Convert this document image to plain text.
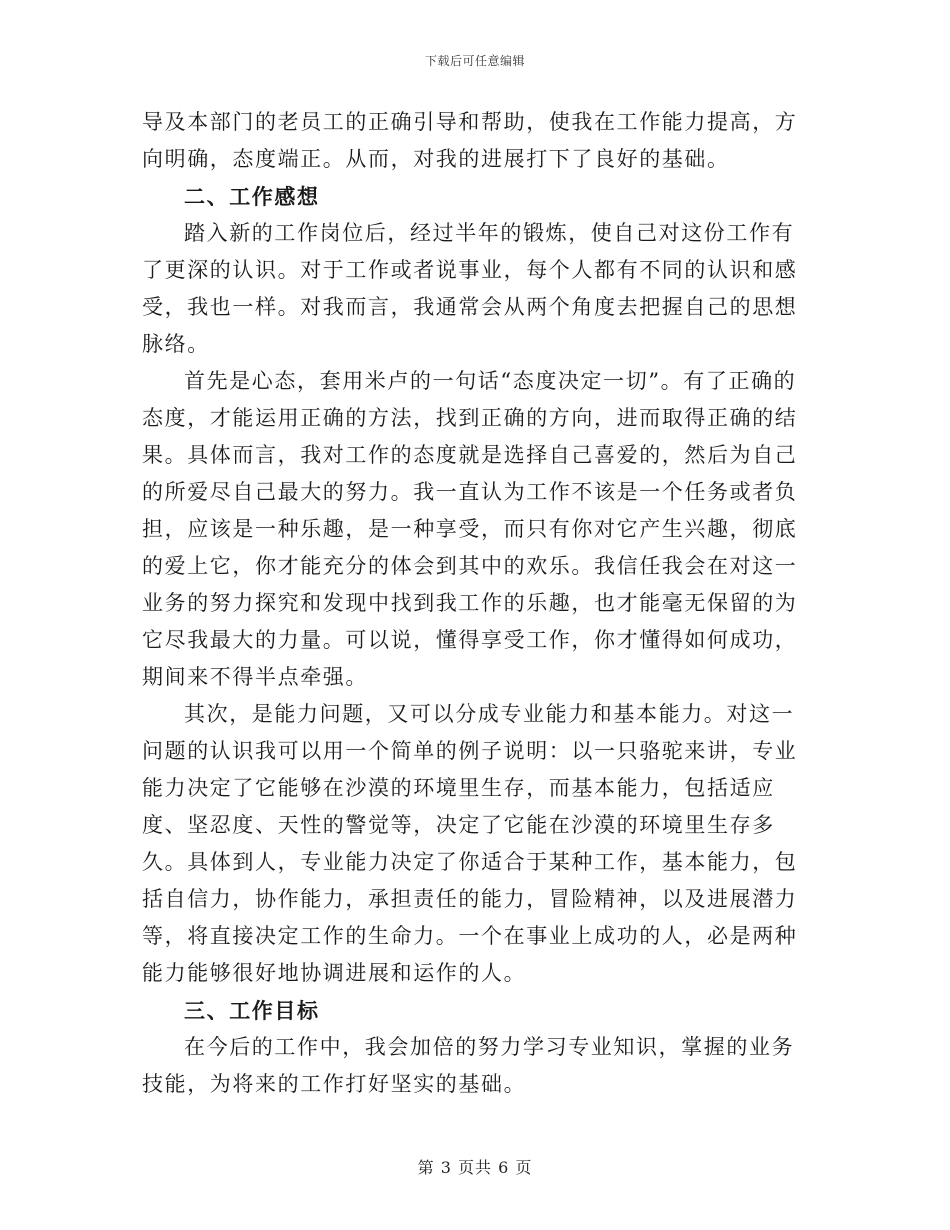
下载后可任意编辑

导及本部门的老员工的正确引导和帮助，使我在工作能力提高，方向明确，态度端正。从而，对我的进展打下了良好的基础。

二、工作感想

踏入新的工作岗位后，经过半年的锻炼，使自己对这份工作有了更深的认识。对于工作或者说事业，每个人都有不同的认识和感受，我也一样。对我而言，我通常会从两个角度去把握自己的思想脉络。

首先是心态，套用米卢的一句话“态度决定一切”。有了正确的态度，才能运用正确的方法，找到正确的方向，进而取得正确的结果。具体而言，我对工作的态度就是选择自己喜爱的，然后为自己的所爱尽自己最大的努力。我一直认为工作不该是一个任务或者负担，应该是一种乐趣，是一种享受，而只有你对它产生兴趣，彻底的爱上它，你才能充分的体会到其中的欢乐。我信任我会在对这一业务的努力探究和发现中找到我工作的乐趣，也才能毫无保留的为它尽我最大的力量。可以说，懂得享受工作，你才懂得如何成功，期间来不得半点牵强。

其次，是能力问题，又可以分成专业能力和基本能力。对这一问题的认识我可以用一个简单的例子说明：以一只骆驼来讲，专业能力决定了它能够在沙漠的环境里生存，而基本能力，包括适应度、坚忍度、天性的警觉等，决定了它能在沙漠的环境里生存多久。具体到人，专业能力决定了你适合于某种工作，基本能力，包括自信力，协作能力，承担责任的能力，冒险精神，以及进展潜力等，将直接决定工作的生命力。一个在事业上成功的人，必是两种能力能够很好地协调进展和运作的人。

三、工作目标

在今后的工作中，我会加倍的努力学习专业知识，掌握的业务技能，为将来的工作打好坚实的基础。

第 3 页共 6 页
